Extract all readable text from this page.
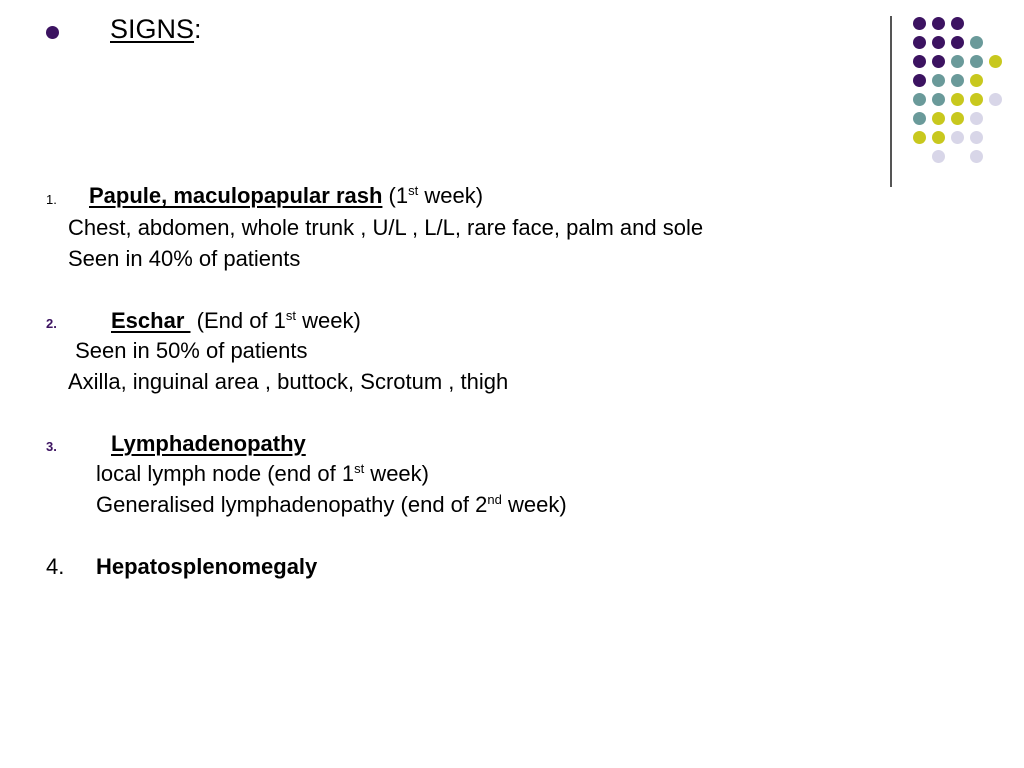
SIGNS:
1. Papule, maculopapular rash (1st week)
Chest, abdomen, whole trunk , U/L , L/L, rare face, palm and sole
Seen in 40% of patients
2. Eschar  (End of 1st week)
Seen in 50% of patients
Axilla, inguinal area , buttock, Scrotum , thigh
3. Lymphadenopathy
local lymph node (end of 1st week)
Generalised lymphadenopathy (end of 2nd week)
4. Hepatosplenomegaly
